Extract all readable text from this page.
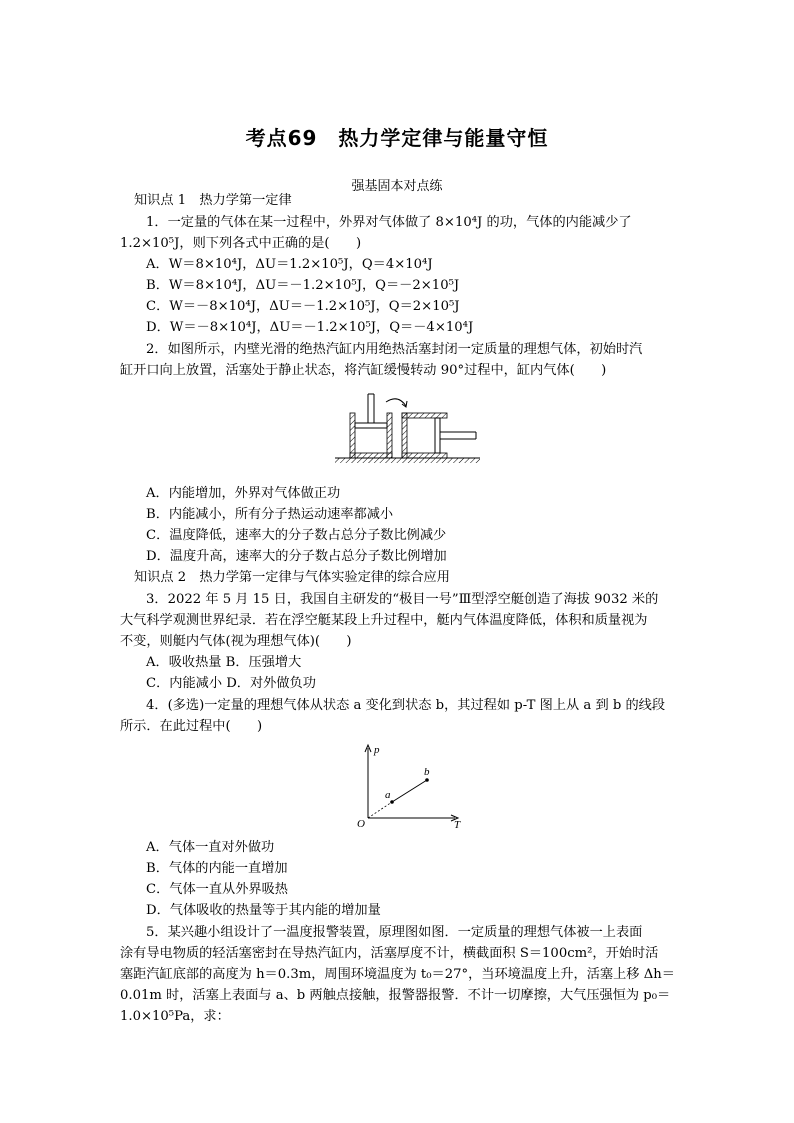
考点69　热力学定律与能量守恒
强基固本对点练
知识点 1　热力学第一定律
1．一定量的气体在某一过程中，外界对气体做了 8×10⁴J 的功，气体的内能减少了
1.2×10⁵J，则下列各式中正确的是(　　)
A．W＝8×10⁴J，ΔU＝1.2×10⁵J，Q＝4×10⁴J
B．W＝8×10⁴J，ΔU＝－1.2×10⁵J，Q＝－2×10⁵J
C．W＝－8×10⁴J，ΔU＝－1.2×10⁵J，Q＝2×10⁵J
D．W＝－8×10⁴J，ΔU＝－1.2×10⁵J，Q＝－4×10⁴J
2．如图所示，内壁光滑的绝热汽缸内用绝热活塞封闭一定质量的理想气体，初始时汽
缸开口向上放置，活塞处于静止状态，将汽缸缓慢转动 90°过程中，缸内气体(　　)
A．内能增加，外界对气体做正功
B．内能减小，所有分子热运动速率都减小
C．温度降低，速率大的分子数占总分子数比例减少
D．温度升高，速率大的分子数占总分子数比例增加
知识点 2　热力学第一定律与气体实验定律的综合应用
3．2022 年 5 月 15 日，我国自主研发的“极目一号”Ⅲ型浮空艇创造了海拔 9032 米的
大气科学观测世界纪录．若在浮空艇某段上升过程中，艇内气体温度降低，体积和质量视为
不变，则艇内气体(视为理想气体)(　　)
A．吸收热量 B．压强增大
C．内能减小 D．对外做负功
4．(多选)一定量的理想气体从状态 a 变化到状态 b，其过程如 p-T 图上从 a 到 b 的线段
所示．在此过程中(　　)
p
T
O
a
b
A．气体一直对外做功
B．气体的内能一直增加
C．气体一直从外界吸热
D．气体吸收的热量等于其内能的增加量
5．某兴趣小组设计了一温度报警装置，原理图如图．一定质量的理想气体被一上表面
涂有导电物质的轻活塞密封在导热汽缸内，活塞厚度不计，横截面积 S＝100cm²，开始时活
塞距汽缸底部的高度为 h＝0.3m，周围环境温度为 t₀＝27°，当环境温度上升，活塞上移 Δh＝
0.01m 时，活塞上表面与 a、b 两触点接触，报警器报警．不计一切摩擦，大气压强恒为 p₀＝
1.0×10⁵Pa，求：
